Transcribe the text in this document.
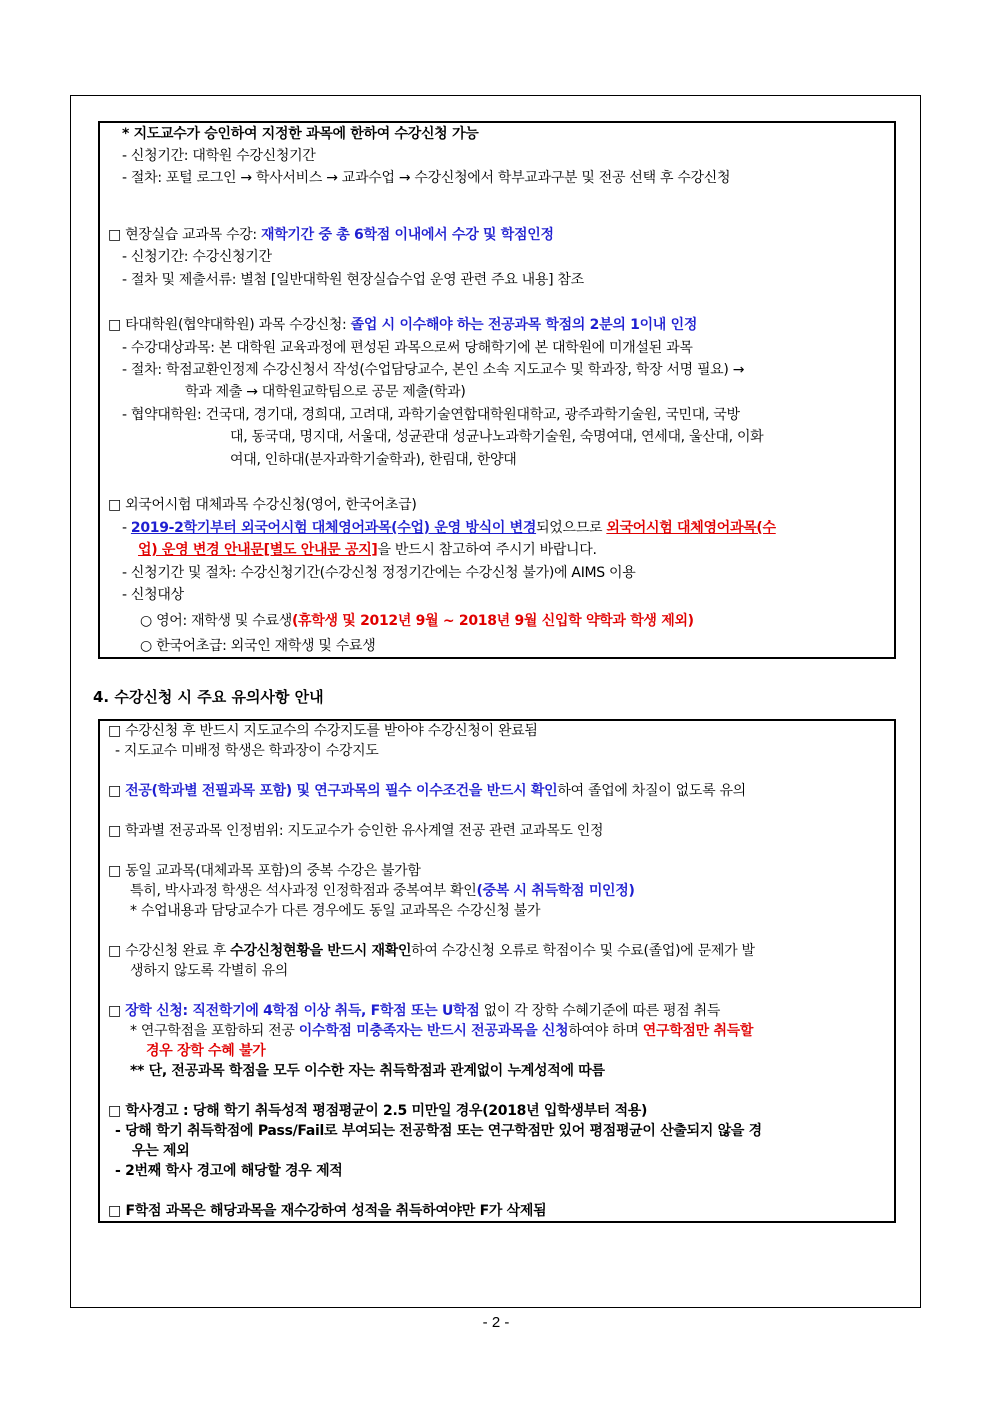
* 지도교수가 승인하여 지정한 과목에 한하여 수강신청 가능
- 신청기간: 대학원 수강신청기간
- 절차: 포털 로그인 → 학사서비스 → 교과수업 → 수강신청에서 학부교과구분 및 전공 선택 후 수강신청
□ 현장실습 교과목 수강: 재학기간 중 총 6학점 이내에서 수강 및 학점인정
- 신청기간: 수강신청기간
- 절차 및 제출서류: 별첨 [일반대학원 현장실습수업 운영 관련 주요 내용] 참조
□ 타대학원(협약대학원) 과목 수강신청: 졸업 시 이수해야 하는 전공과목 학점의 2분의 1이내 인정
- 수강대상과목: 본 대학원 교육과정에 편성된 과목으로써 당해학기에 본 대학원에 미개설된 과목
- 절차: 학점교환인정제 수강신청서 작성(수업담당교수, 본인 소속 지도교수 및 학과장, 학장 서명 필요) →
학과 제출 → 대학원교학팀으로 공문 제출(학과)
- 협약대학원: 건국대, 경기대, 경희대, 고려대, 과학기술연합대학원대학교, 광주과학기술원, 국민대, 국방
대, 동국대, 명지대, 서울대, 성균관대 성균나노과학기술원, 숙명여대, 연세대, 울산대, 이화
여대, 인하대(분자과학기술학과), 한림대, 한양대
□ 외국어시험 대체과목 수강신청(영어, 한국어초급)
- 2019-2학기부터 외국어시험 대체영어과목(수업) 운영 방식이 변경되었으므로 외국어시험 대체영어과목(수
업) 운영 변경 안내문[별도 안내문 공지]을 반드시 참고하여 주시기 바랍니다.
- 신청기간 및 절차: 수강신청기간(수강신청 정정기간에는 수강신청 불가)에 AIMS 이용
- 신청대상
○ 영어: 재학생 및 수료생(휴학생 및 2012년 9월 ~ 2018년 9월 신입학 약학과 학생 제외)
○ 한국어초급: 외국인 재학생 및 수료생
4. 수강신청 시 주요 유의사항 안내
□ 수강신청 후 반드시 지도교수의 수강지도를 받아야 수강신청이 완료됨
- 지도교수 미배정 학생은 학과장이 수강지도
□ 전공(학과별 전필과목 포함) 및 연구과목의 필수 이수조건을 반드시 확인하여 졸업에 차질이 없도록 유의
□ 학과별 전공과목 인정범위: 지도교수가 승인한 유사계열 전공 관련 교과목도 인정
□ 동일 교과목(대체과목 포함)의 중복 수강은 불가함
특히, 박사과정 학생은 석사과정 인정학점과 중복여부 확인(중복 시 취득학점 미인정)
* 수업내용과 담당교수가 다른 경우에도 동일 교과목은 수강신청 불가
□ 수강신청 완료 후 수강신청현황을 반드시 재확인하여 수강신청 오류로 학점이수 및 수료(졸업)에 문제가 발
생하지 않도록 각별히 유의
□ 장학 신청: 직전학기에 4학점 이상 취득, F학점 또는 U학점 없이 각 장학 수혜기준에 따른 평점 취득
* 연구학점을 포함하되 전공 이수학점 미충족자는 반드시 전공과목을 신청하여야 하며 연구학점만 취득할
경우 장학 수혜 불가
** 단, 전공과목 학점을 모두 이수한 자는 취득학점과 관계없이 누계성적에 따름
□ 학사경고 : 당해 학기 취득성적 평점평균이 2.5 미만일 경우(2018년 입학생부터 적용)
- 당해 학기 취득학점에 Pass/Fail로 부여되는 전공학점 또는 연구학점만 있어 평점평균이 산출되지 않을 경
우는 제외
- 2번째 학사 경고에 해당할 경우 제적
□ F학점 과목은 해당과목을 재수강하여 성적을 취득하여야만 F가 삭제됨
- 2 -
